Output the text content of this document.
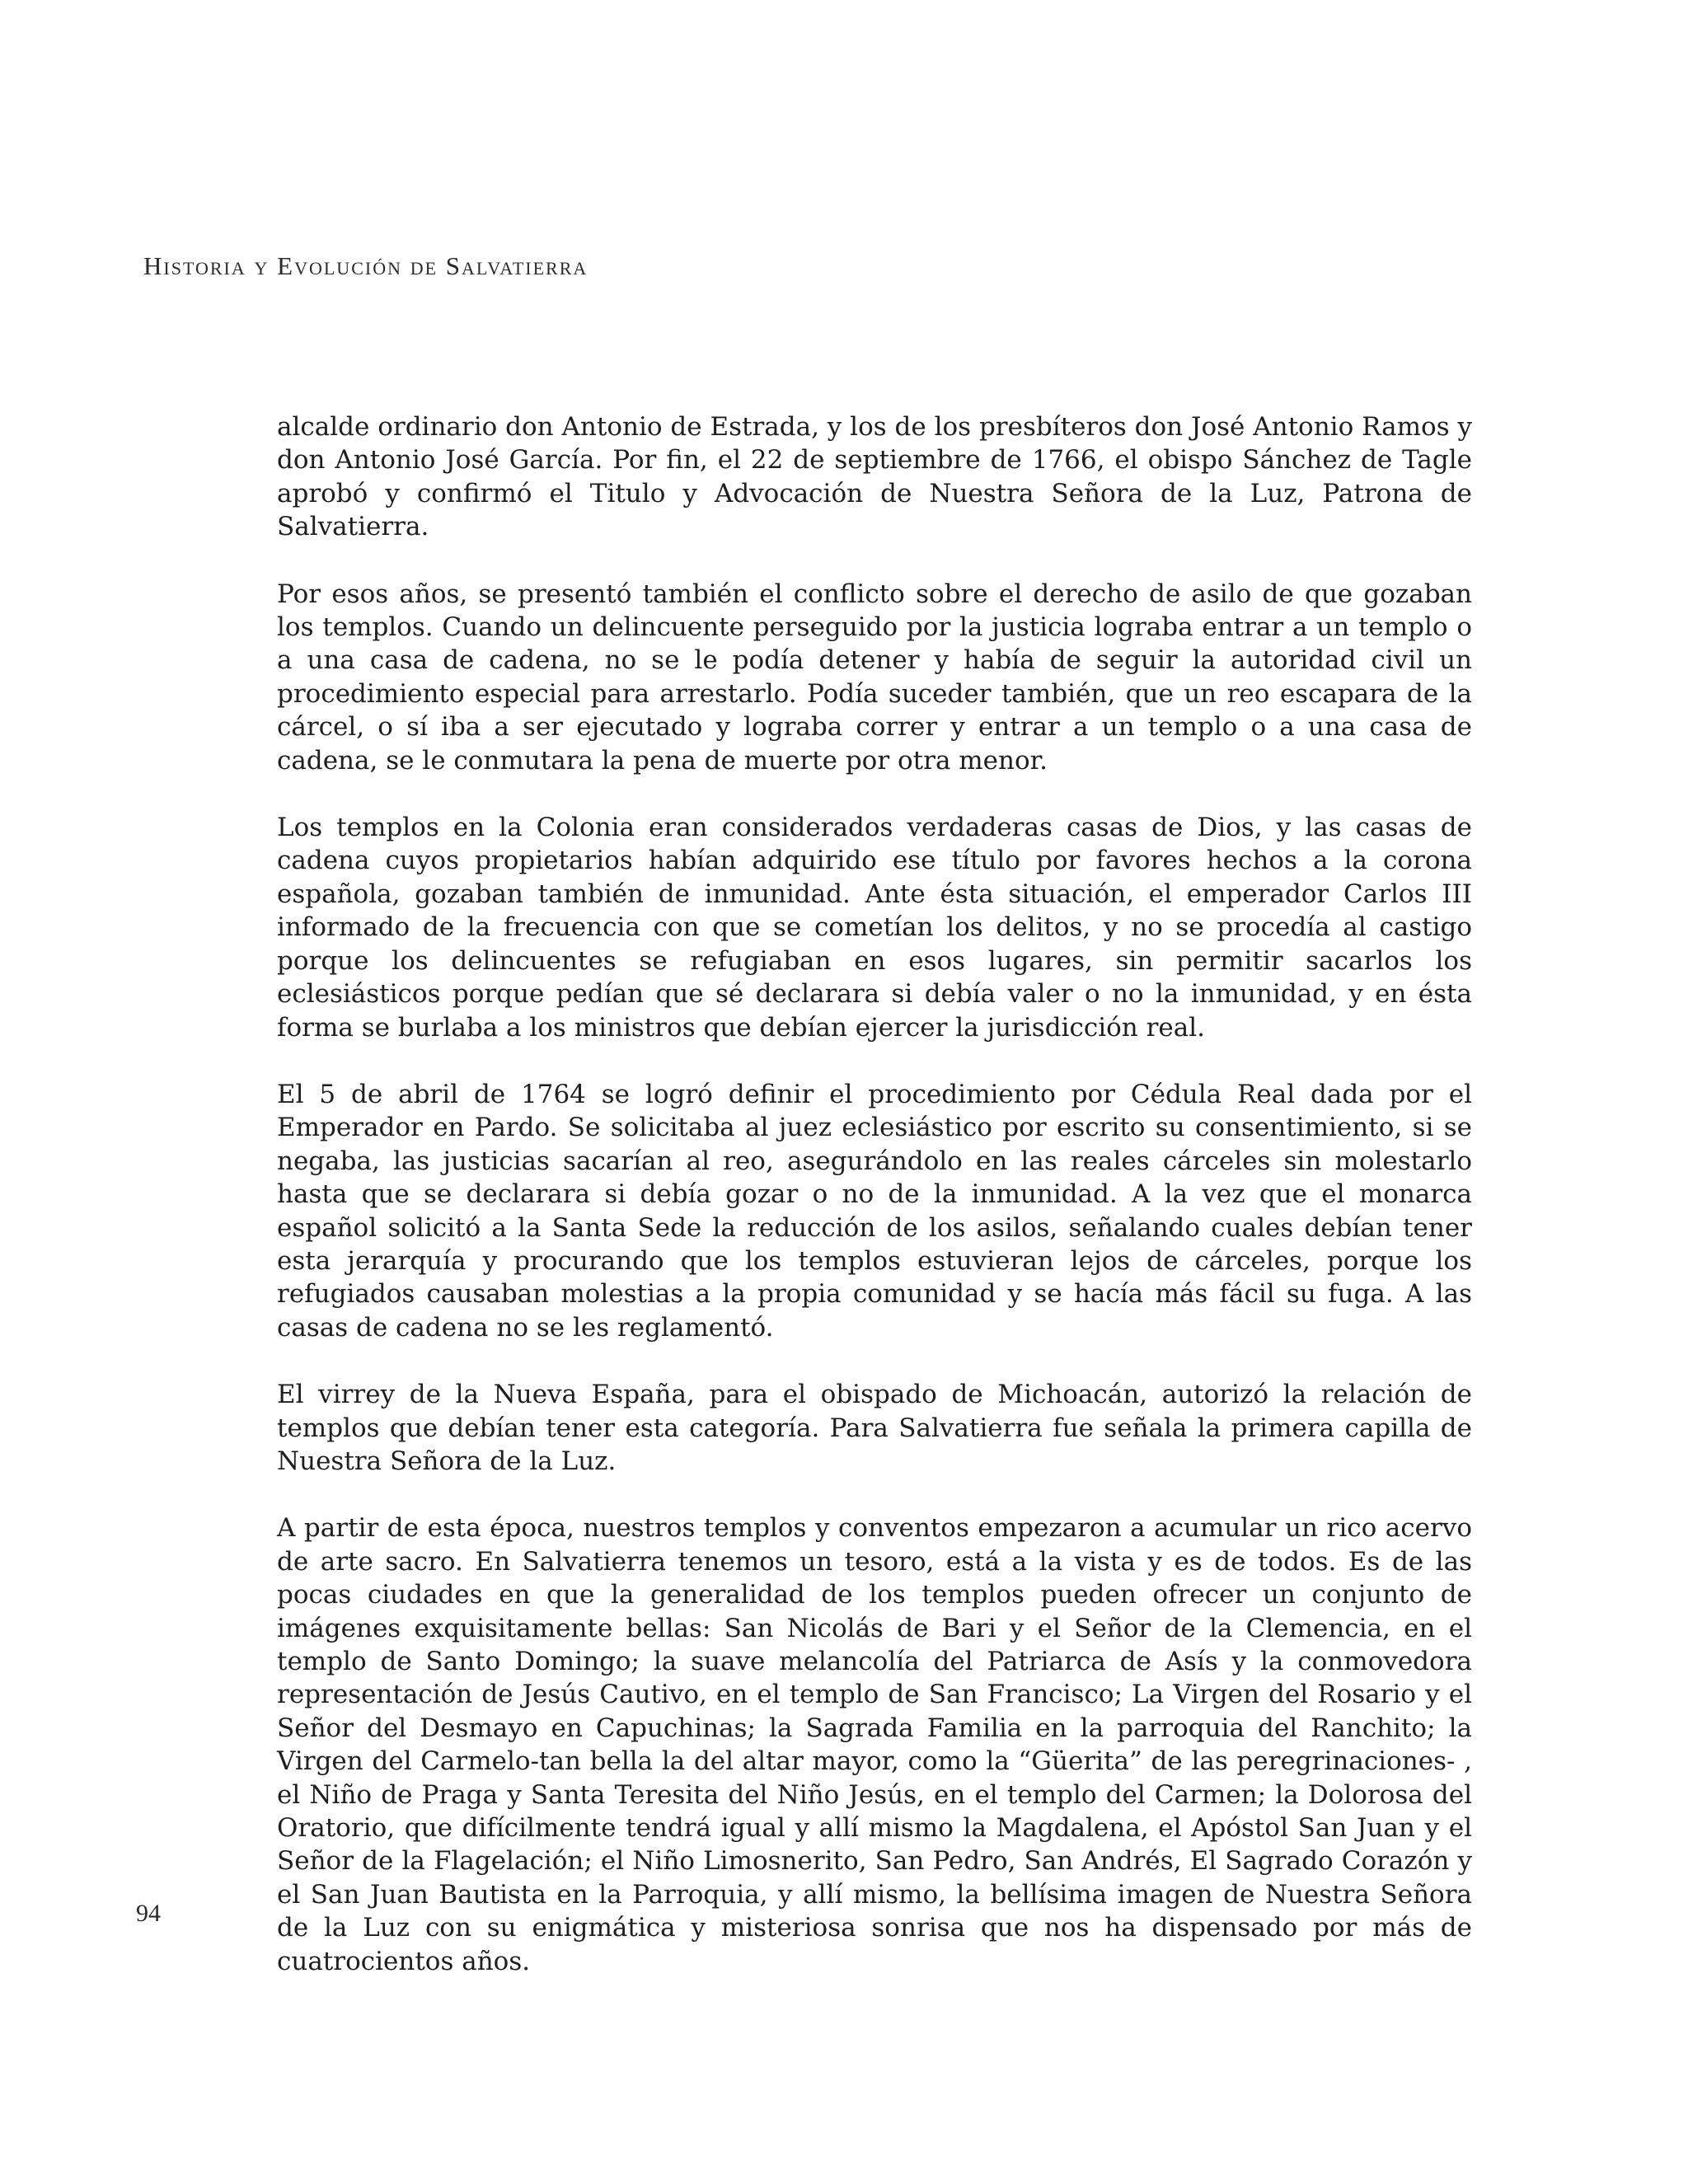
Historia y Evolución de Salvatierra

alcalde ordinario don Antonio de Estrada, y los de los presbíteros don José Antonio Ramos y don Antonio José García. Por fin, el 22 de septiembre de 1766, el obispo Sánchez de Tagle aprobó y confirmó el Titulo y Advocación de Nuestra Señora de la Luz, Patrona de Salvatierra.

Por esos años, se presentó también el conflicto sobre el derecho de asilo de que gozaban los templos. Cuando un delincuente perseguido por la justicia lograba entrar a un templo o a una casa de cadena, no se le podía detener y había de seguir la autoridad civil un procedimiento especial para arrestarlo. Podía suceder también, que un reo escapara de la cárcel, o sí iba a ser ejecutado y lograba correr y entrar a un templo o a una casa de cadena, se le conmutara la pena de muerte por otra menor.

Los templos en la Colonia eran considerados verdaderas casas de Dios, y las casas de cadena cuyos propietarios habían adquirido ese título por favores hechos a la corona española, gozaban también de inmunidad. Ante ésta situación, el emperador Carlos III informado de la frecuencia con que se cometían los delitos, y no se procedía al castigo porque los delincuentes se refugiaban en esos lugares, sin permitir sacarlos los eclesiásticos porque pedían que sé declarara si debía valer o no la inmunidad, y en ésta forma se burlaba a los ministros que debían ejercer la jurisdicción real.

El 5 de abril de 1764 se logró definir el procedimiento por Cédula Real dada por el Emperador en Pardo. Se solicitaba al juez eclesiástico por escrito su consentimiento, si se negaba, las justicias sacarían al reo, asegurándolo en las reales cárceles sin molestarlo hasta que se declarara si debía gozar o no de la inmunidad. A la vez que el monarca español solicitó a la Santa Sede la reducción de los asilos, señalando cuales debían tener esta jerarquía y procurando que los templos estuvieran lejos de cárceles, porque los refugiados causaban molestias a la propia comunidad y se hacía más fácil su fuga. A las casas de cadena no se les reglamentó.

El virrey de la Nueva España, para el obispado de Michoacán, autorizó la relación de templos que debían tener esta categoría. Para Salvatierra fue señala la primera capilla de Nuestra Señora de la Luz.

A partir de esta época, nuestros templos y conventos empezaron a acumular un rico acervo de arte sacro. En Salvatierra tenemos un tesoro, está a la vista y es de todos. Es de las pocas ciudades en que la generalidad de los templos pueden ofrecer un conjunto de imágenes exquisitamente bellas: San Nicolás de Bari y el Señor de la Clemencia, en el templo de Santo Domingo; la suave melancolía del Patriarca de Asís y la conmovedora representación de Jesús Cautivo, en el templo de San Francisco; La Virgen del Rosario y el Señor del Desmayo en Capuchinas; la Sagrada Familia en la parroquia del Ranchito; la Virgen del Carmelo-tan bella la del altar mayor, como la “Güerita” de las peregrinaciones- , el Niño de Praga y Santa Teresita del Niño Jesús, en el templo del Carmen; la Dolorosa del Oratorio, que difícilmente tendrá igual y allí mismo la Magdalena, el Apóstol San Juan y el Señor de la Flagelación; el Niño Limosnerito, San Pedro, San Andrés, El Sagrado Corazón y el San Juan Bautista en la Parroquia, y allí mismo, la bellísima imagen de Nuestra Señora de la Luz con su enigmática y misteriosa sonrisa que nos ha dispensado por más de cuatrocientos años.

94
